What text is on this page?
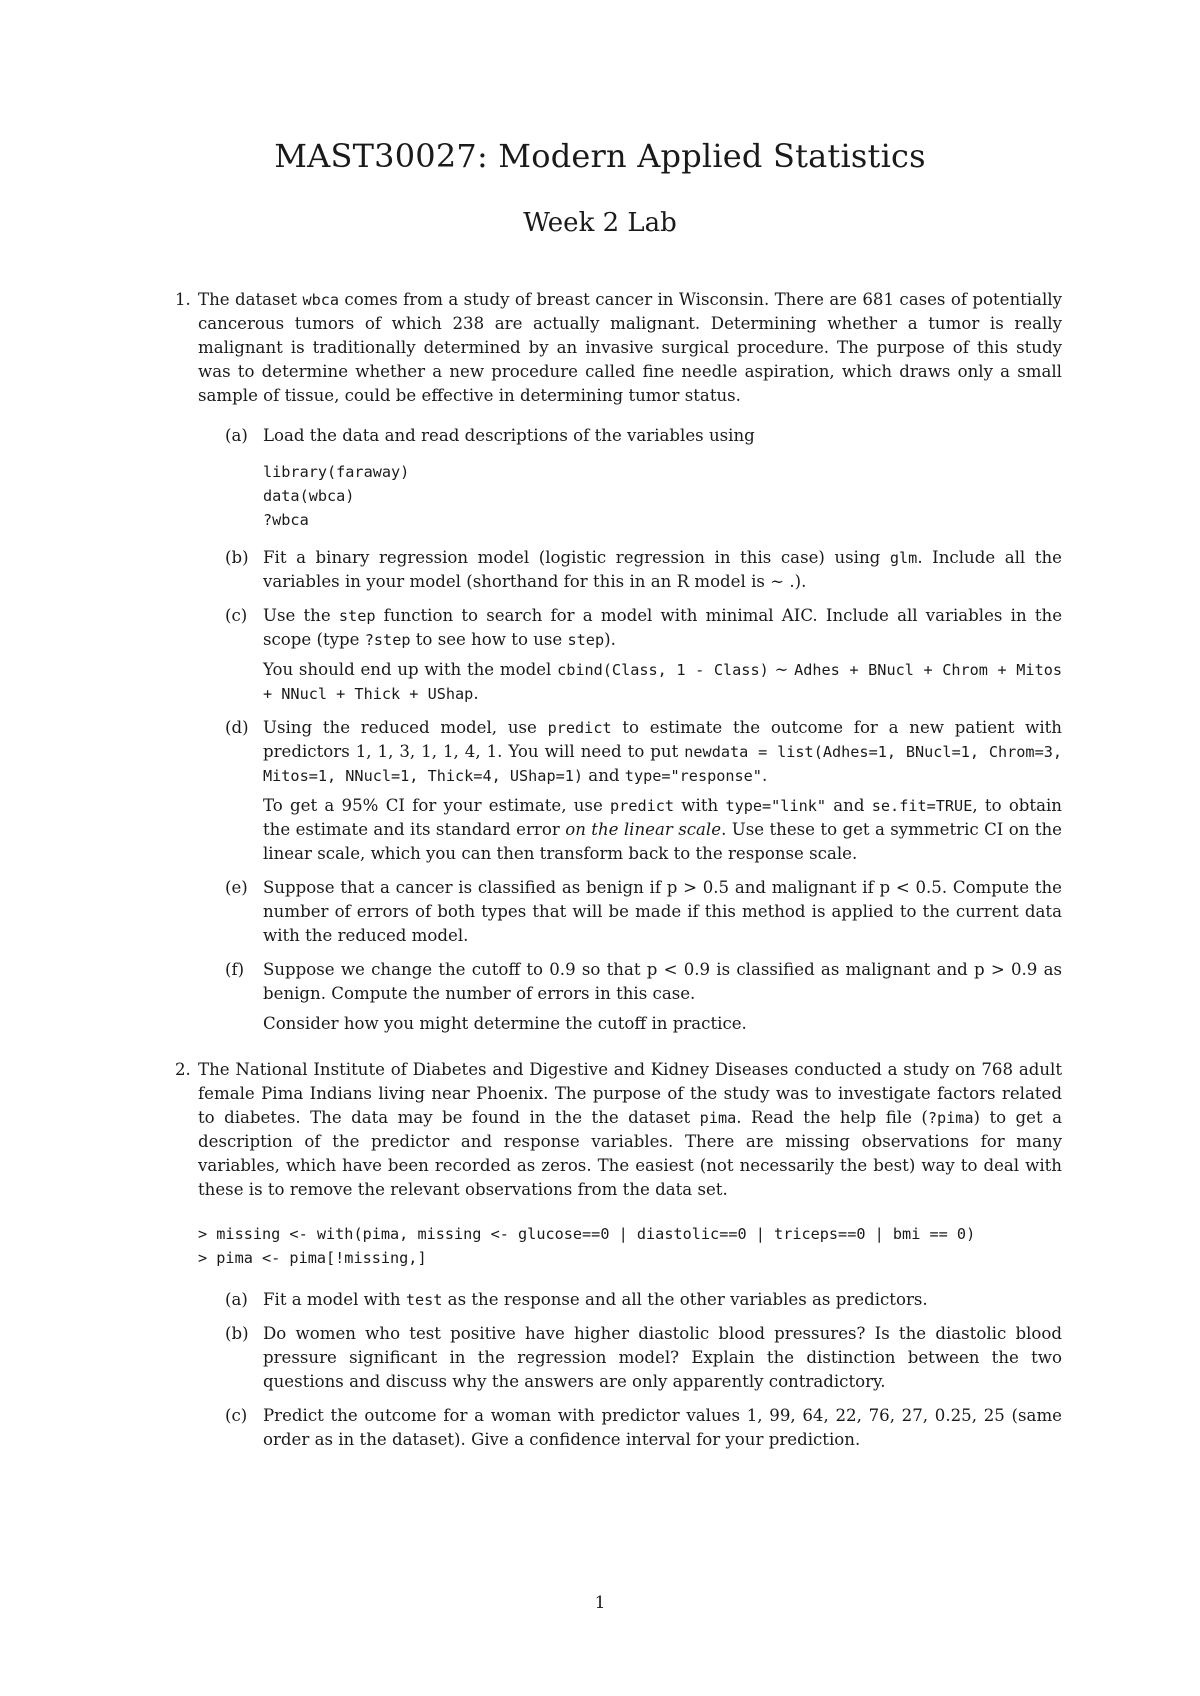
MAST30027: Modern Applied Statistics
Week 2 Lab
1. The dataset wbca comes from a study of breast cancer in Wisconsin. There are 681 cases of potentially cancerous tumors of which 238 are actually malignant. Determining whether a tumor is really malignant is traditionally determined by an invasive surgical procedure. The purpose of this study was to determine whether a new procedure called fine needle aspiration, which draws only a small sample of tissue, could be effective in determining tumor status.
(a) Load the data and read descriptions of the variables using
library(faraway)
data(wbca)
?wbca
(b) Fit a binary regression model (logistic regression in this case) using glm. Include all the variables in your model (shorthand for this in an R model is ∼ .).
(c) Use the step function to search for a model with minimal AIC. Include all variables in the scope (type ?step to see how to use step).
You should end up with the model cbind(Class, 1 - Class) ∼ Adhes + BNucl + Chrom + Mitos + NNucl + Thick + UShap.
(d) Using the reduced model, use predict to estimate the outcome for a new patient with predictors 1, 1, 3, 1, 1, 4, 1. You will need to put newdata = list(Adhes=1, BNucl=1, Chrom=3, Mitos=1, NNucl=1, Thick=4, UShap=1) and type="response".
To get a 95% CI for your estimate, use predict with type="link" and se.fit=TRUE, to obtain the estimate and its standard error on the linear scale. Use these to get a symmetric CI on the linear scale, which you can then transform back to the response scale.
(e) Suppose that a cancer is classified as benign if p > 0.5 and malignant if p < 0.5. Compute the number of errors of both types that will be made if this method is applied to the current data with the reduced model.
(f) Suppose we change the cutoff to 0.9 so that p < 0.9 is classified as malignant and p > 0.9 as benign. Compute the number of errors in this case.
Consider how you might determine the cutoff in practice.
2. The National Institute of Diabetes and Digestive and Kidney Diseases conducted a study on 768 adult female Pima Indians living near Phoenix. The purpose of the study was to investigate factors related to diabetes. The data may be found in the the dataset pima. Read the help file (?pima) to get a description of the predictor and response variables. There are missing observations for many variables, which have been recorded as zeros. The easiest (not necessarily the best) way to deal with these is to remove the relevant observations from the data set.
> missing <- with(pima, missing <- glucose==0 | diastolic==0 | triceps==0 | bmi == 0)
> pima <- pima[!missing,]
(a) Fit a model with test as the response and all the other variables as predictors.
(b) Do women who test positive have higher diastolic blood pressures? Is the diastolic blood pressure significant in the regression model? Explain the distinction between the two questions and discuss why the answers are only apparently contradictory.
(c) Predict the outcome for a woman with predictor values 1, 99, 64, 22, 76, 27, 0.25, 25 (same order as in the dataset). Give a confidence interval for your prediction.
1
